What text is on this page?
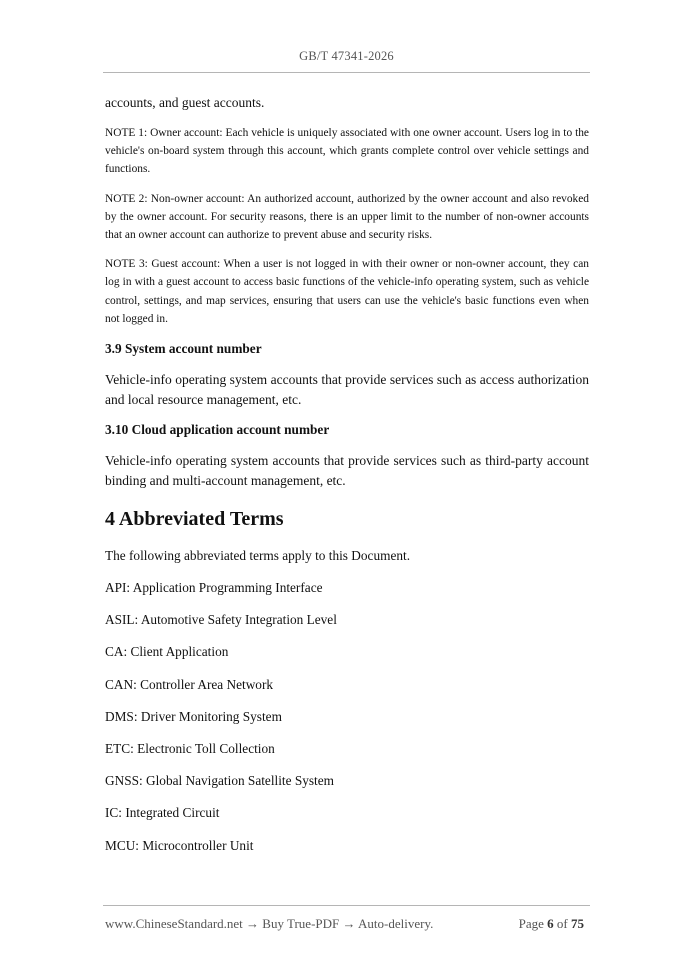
GB/T 47341-2026

accounts, and guest accounts.

NOTE 1: Owner account: Each vehicle is uniquely associated with one owner account. Users log in to the vehicle's on-board system through this account, which grants complete control over vehicle settings and functions.

NOTE 2: Non-owner account: An authorized account, authorized by the owner account and also revoked by the owner account. For security reasons, there is an upper limit to the number of non-owner accounts that an owner account can authorize to prevent abuse and security risks.

NOTE 3: Guest account: When a user is not logged in with their owner or non-owner account, they can log in with a guest account to access basic functions of the vehicle-info operating system, such as vehicle control, settings, and map services, ensuring that users can use the vehicle's basic functions even when not logged in.

3.9 System account number

Vehicle-info operating system accounts that provide services such as access authorization and local resource management, etc.

3.10 Cloud application account number

Vehicle-info operating system accounts that provide services such as third-party account binding and multi-account management, etc.

4 Abbreviated Terms

The following abbreviated terms apply to this Document.

API: Application Programming Interface
ASIL: Automotive Safety Integration Level
CA: Client Application
CAN: Controller Area Network
DMS: Driver Monitoring System
ETC: Electronic Toll Collection
GNSS: Global Navigation Satellite System
IC: Integrated Circuit
MCU: Microcontroller Unit
www.ChineseStandard.net → Buy True-PDF → Auto-delivery.	Page 6 of 75
